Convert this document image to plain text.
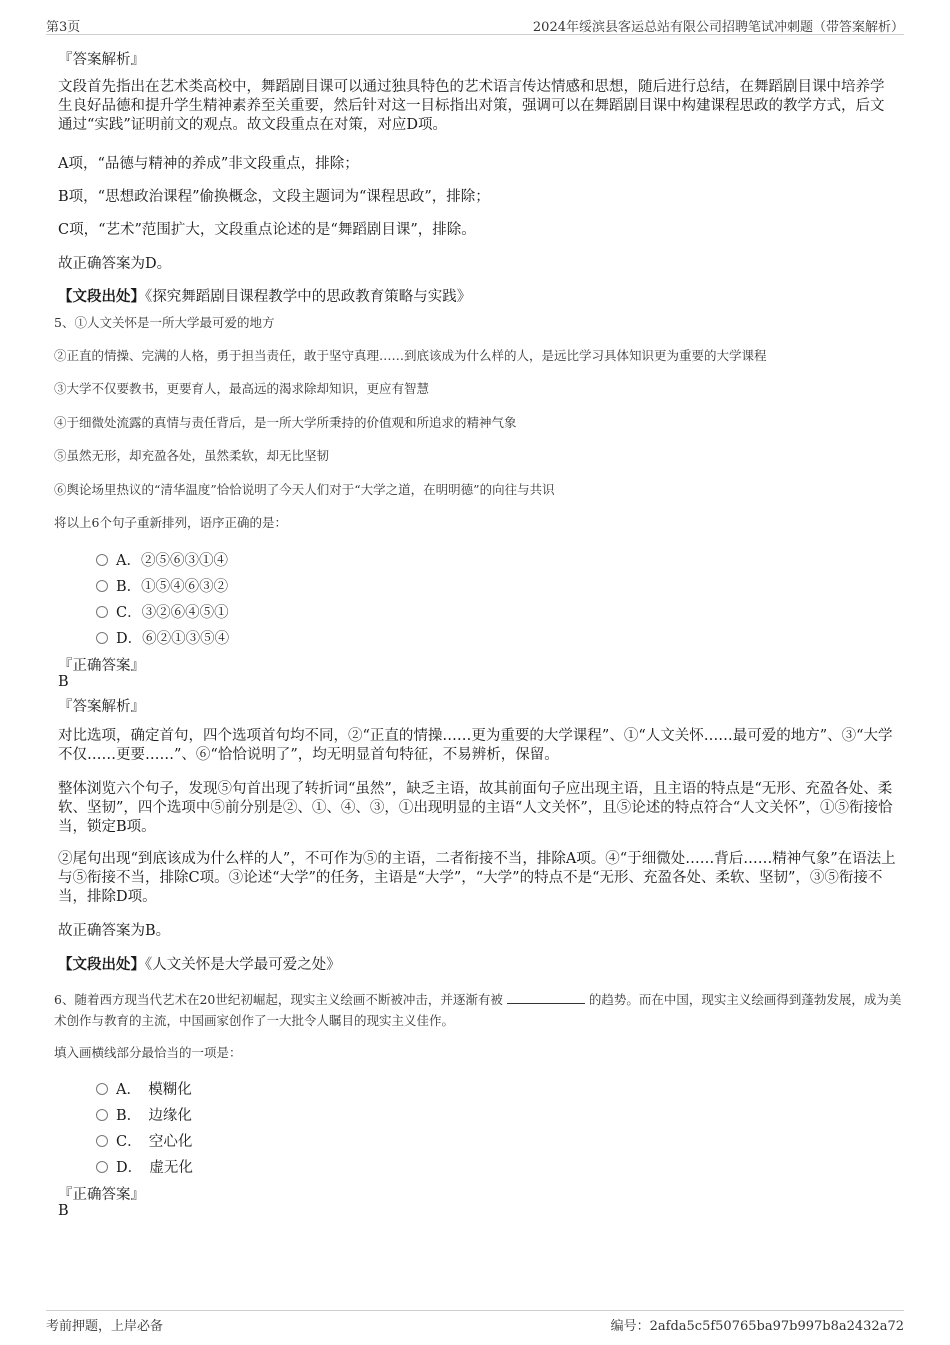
第3页	2024年绥滨县客运总站有限公司招聘笔试冲刺题（带答案解析）
『答案解析』
文段首先指出在艺术类高校中，舞蹈剧目课可以通过独具特色的艺术语言传达情感和思想，随后进行总结，在舞蹈剧目课中培养学生良好品德和提升学生精神素养至关重要，然后针对这一目标指出对策，强调可以在舞蹈剧目课中构建课程思政的教学方式，后文通过“实践”证明前文的观点。故文段重点在对策，对应D项。
A项，“品德与精神的养成”非文段重点，排除；
B项，“思想政治课程”偷换概念，文段主题词为“课程思政”，排除；
C项，“艺术”范围扩大，文段重点论述的是“舞蹈剧目课”，排除。
故正确答案为D。
【文段出处】《探究舞蹈剧目课程教学中的思政教育策略与实践》
5、①人文关怀是一所大学最可爱的地方
②正直的情操、完满的人格，勇于担当责任，敢于坚守真理……到底该成为什么样的人，是远比学习具体知识更为重要的大学课程
③大学不仅要教书，更要育人，最高远的渴求除却知识，更应有智慧
④于细微处流露的真情与责任背后，是一所大学所秉持的价值观和所追求的精神气象
⑤虽然无形，却充盈各处，虽然柔软，却无比坚韧
⑥舆论场里热议的“清华温度”恰恰说明了今天人们对于“大学之道，在明明德”的向往与共识
将以上6个句子重新排列，语序正确的是：
A．②⑤⑥③①④
B．①⑤④⑥③②
C．③②⑥④⑤①
D．⑥②①③⑤④
『正确答案』
B
『答案解析』
对比选项，确定首句，四个选项首句均不同，②“正直的情操……更为重要的大学课程”、①“人文关怀……最可爱的地方”、③“大学不仅……更要……”、⑥“恰恰说明了”，均无明显首句特征，不易辨析，保留。
整体浏览六个句子，发现⑤句首出现了转折词“虽然”，缺乏主语，故其前面句子应出现主语，且主语的特点是“无形、充盈各处、柔软、坚韧”，四个选项中⑤前分别是②、①、④、③，①出现明显的主语“人文关怀”，且⑤论述的特点符合“人文关怀”，①⑤衔接恰当，锁定B项。
②尾句出现“到底该成为什么样的人”，不可作为⑤的主语，二者衔接不当，排除A项。④“于细微处……背后……精神气象”在语法上与⑤衔接不当，排除C项。③论述“大学”的任务，主语是“大学”，“大学”的特点不是“无形、充盈各处、柔软、坚韧”，③⑤衔接不当，排除D项。
故正确答案为B。
【文段出处】《人文关怀是大学最可爱之处》
6、随着西方现当代艺术在20世纪初崛起，现实主义绘画不断被冲击，并逐渐有被	的趋势。而在中国，现实主义绘画得到蓬勃发展，成为美术创作与教育的主流，中国画家创作了一大批令人瞩目的现实主义佳作。
填入画横线部分最恰当的一项是：
A．　模糊化
B．　边缘化
C．　空心化
D．　虚无化
『正确答案』
B
考前押题，上岸必备	编号：2afda5c5f50765ba97b997b8a2432a72
